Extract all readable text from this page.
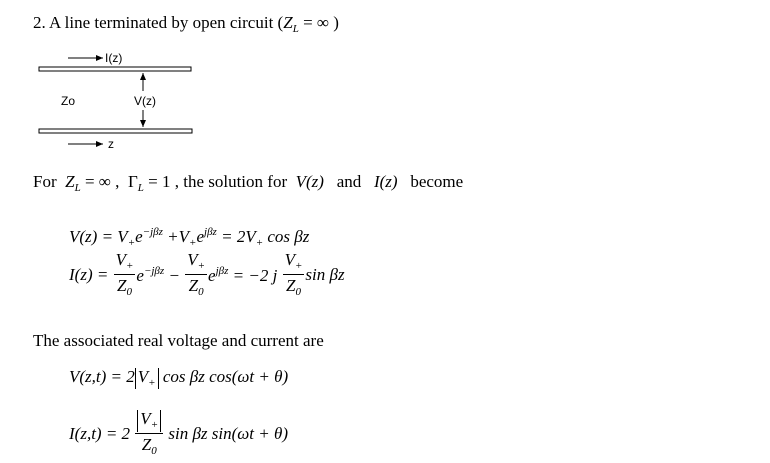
2. A line terminated by open circuit ($Z_L$ = ∞ )
I(z)
V(z)
Zo
z
For $Z_L$ = ∞ , $\Gamma_L = 1$ , the solution for  V(z) and I(z) become
$V(z) = V_+e^{-j\beta z} +V_+e^{j\beta z} = 2V_+$ cos βz
$I(z) = \frac{V_+}{Z_0} e^{-j\beta z} - \frac{V_+}{Z_0} e^{j\beta z} = -2$ j $\frac{V_+}{Z_0}$ sin βz
The associated real voltage and current are
V(z,t) = 2 $V_+$ cos βz cos(ωt + θ)
$I(z,t) = 2 \frac{V_+}{Z_0}$ sin βz sin(ωt + θ)
